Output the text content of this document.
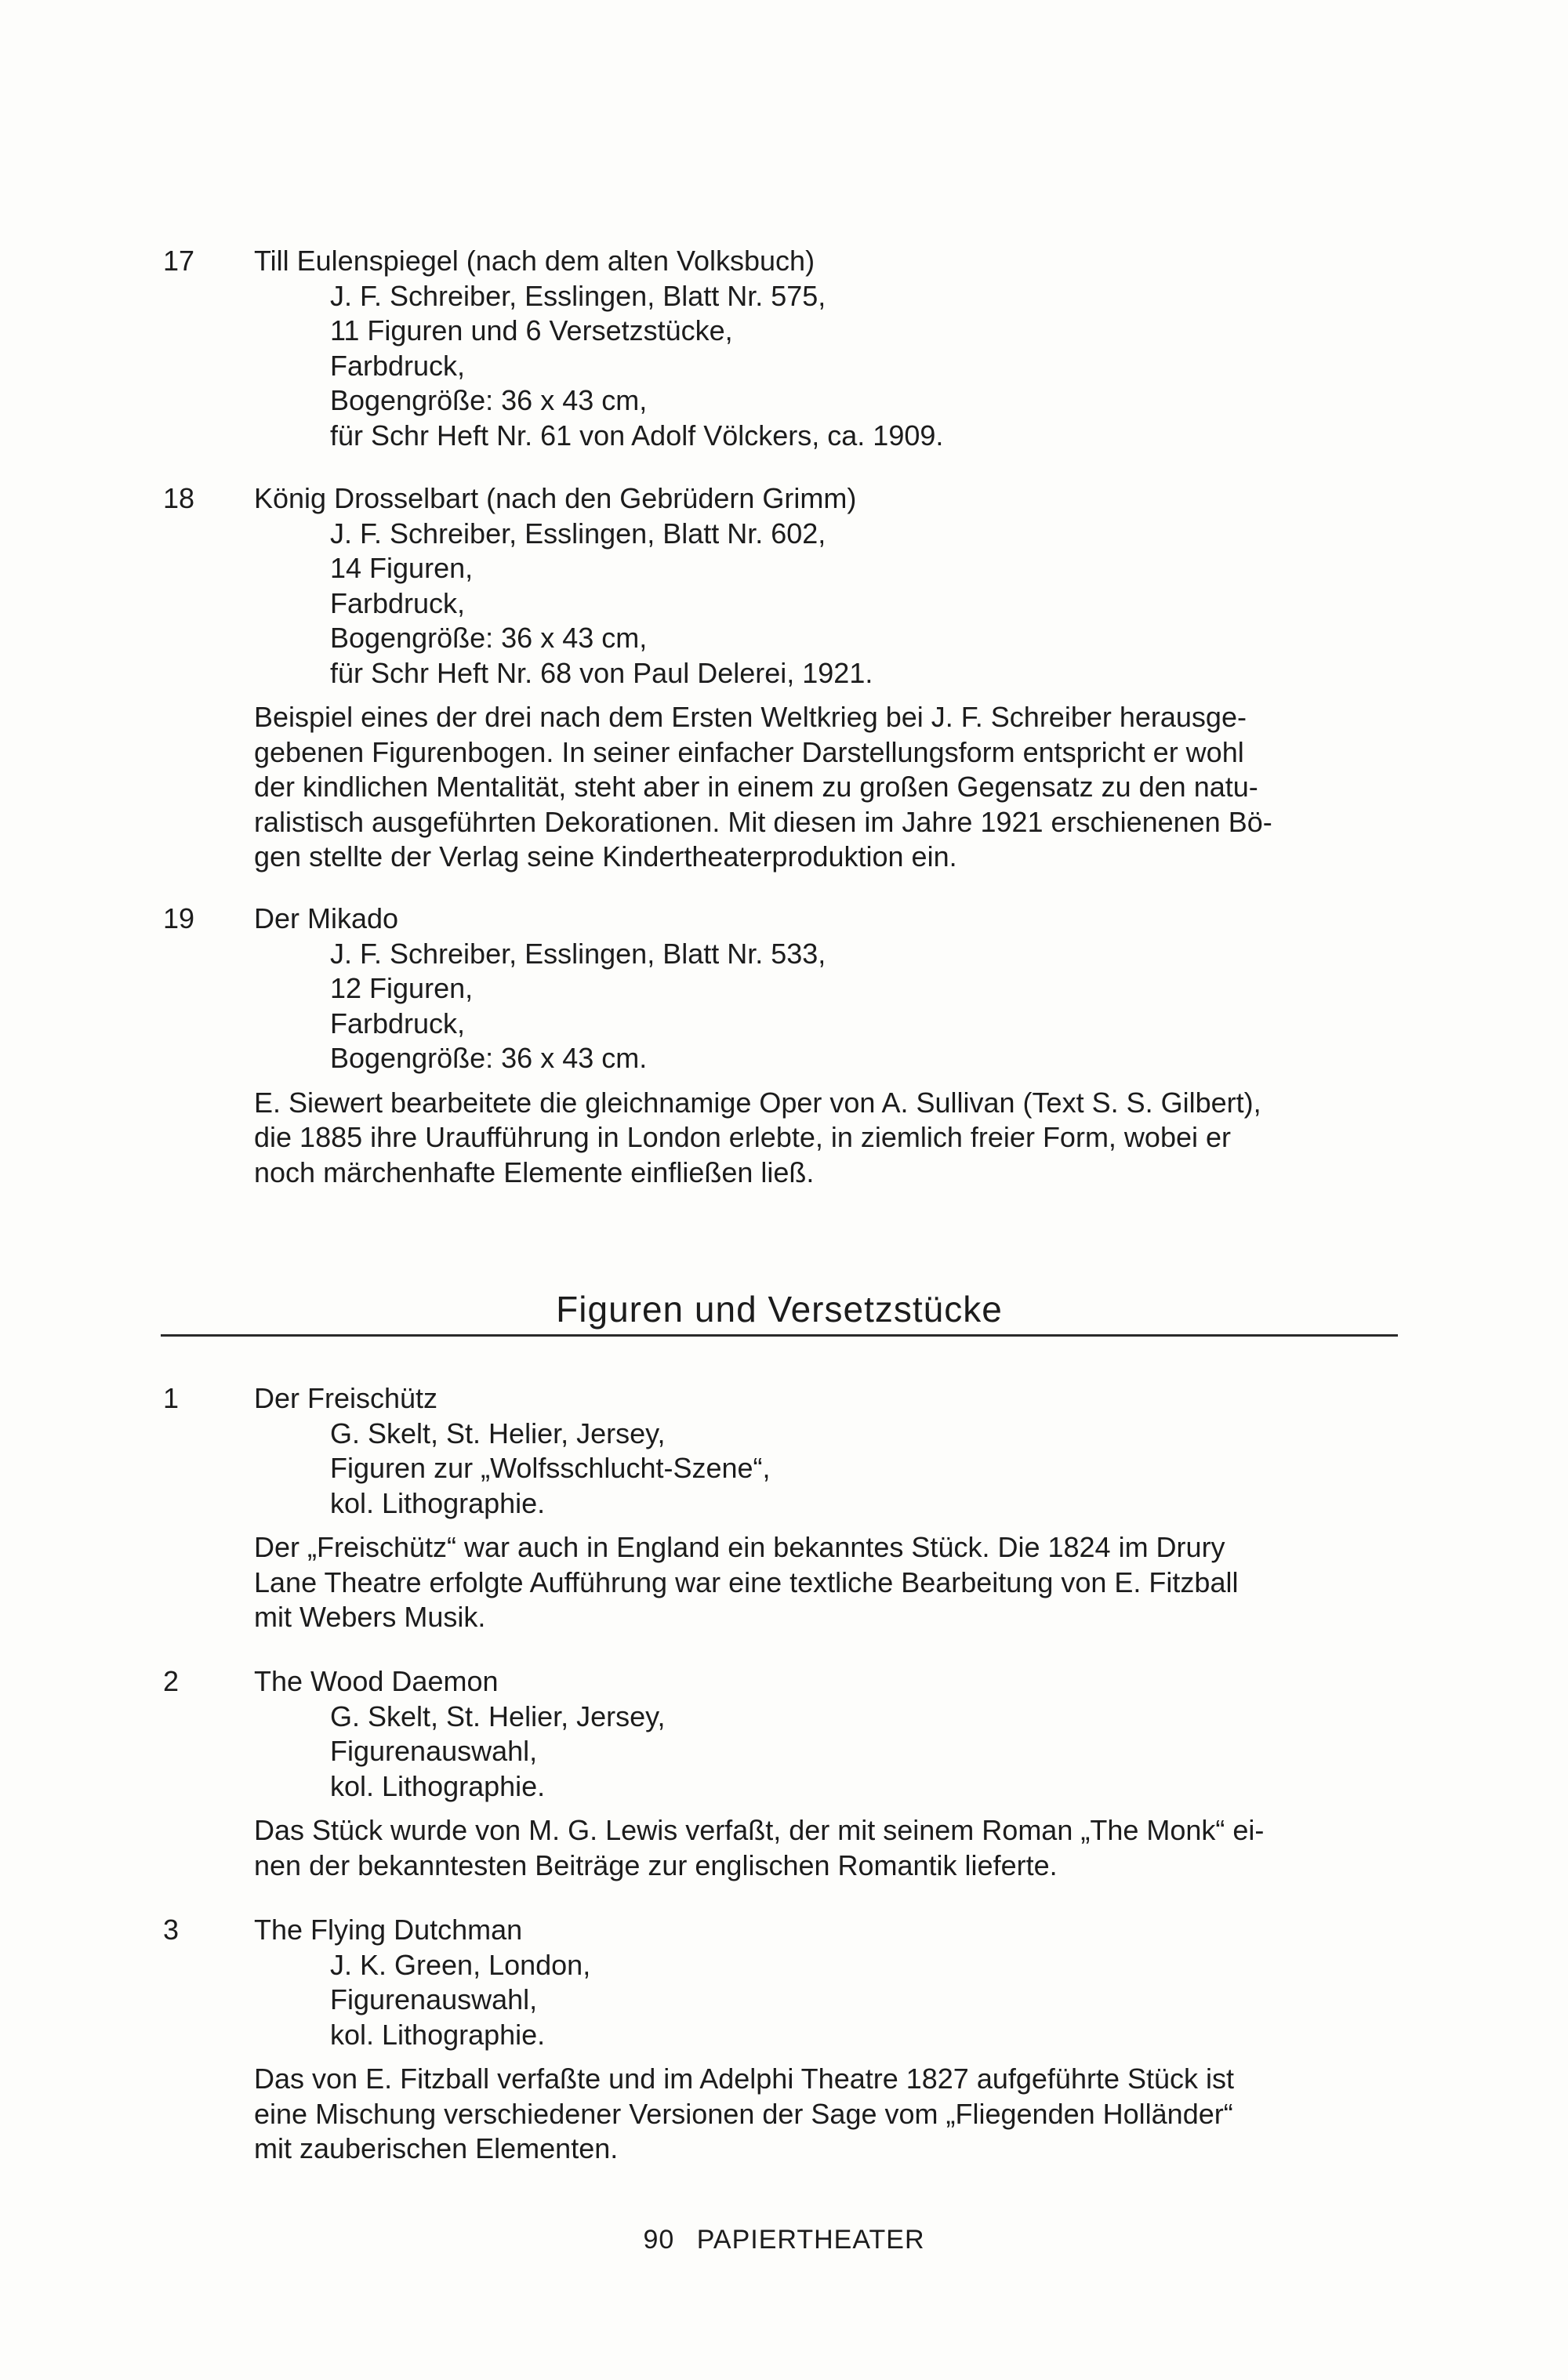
17	Till Eulenspiegel (nach dem alten Volksbuch)
J. F. Schreiber, Esslingen, Blatt Nr. 575,
11 Figuren und 6 Versetzstücke,
Farbdruck,
Bogengröße: 36 x 43 cm,
für Schr Heft Nr. 61 von Adolf Völckers, ca. 1909.
18	König Drosselbart (nach den Gebrüdern Grimm)
J. F. Schreiber, Esslingen, Blatt Nr. 602,
14 Figuren,
Farbdruck,
Bogengröße: 36 x 43 cm,
für Schr Heft Nr. 68 von Paul Delerei, 1921.
Beispiel eines der drei nach dem Ersten Weltkrieg bei J. F. Schreiber herausge-
gebenen Figurenbogen. In seiner einfacher Darstellungsform entspricht er wohl
der kindlichen Mentalität, steht aber in einem zu großen Gegensatz zu den natu-
ralistisch ausgeführten Dekorationen. Mit diesen im Jahre 1921 erschienenen Bö-
gen stellte der Verlag seine Kindertheaterproduktion ein.
19	Der Mikado
J. F. Schreiber, Esslingen, Blatt Nr. 533,
12 Figuren,
Farbdruck,
Bogengröße: 36 x 43 cm.
E. Siewert bearbeitete die gleichnamige Oper von A. Sullivan (Text S. S. Gilbert),
die 1885 ihre Uraufführung in London erlebte, in ziemlich freier Form, wobei er
noch märchenhafte Elemente einfließen ließ.
Figuren und Versetzstücke
1	Der Freischütz
G. Skelt, St. Helier, Jersey,
Figuren zur „Wolfsschlucht-Szene“,
kol. Lithographie.
Der „Freischütz“ war auch in England ein bekanntes Stück. Die 1824 im Drury
Lane Theatre erfolgte Aufführung war eine textliche Bearbeitung von E. Fitzball
mit Webers Musik.
2	The Wood Daemon
G. Skelt, St. Helier, Jersey,
Figurenauswahl,
kol. Lithographie.
Das Stück wurde von M. G. Lewis verfaßt, der mit seinem Roman „The Monk“ ei-
nen der bekanntesten Beiträge zur englischen Romantik lieferte.
3	The Flying Dutchman
J. K. Green, London,
Figurenauswahl,
kol. Lithographie.
Das von E. Fitzball verfaßte und im Adelphi Theatre 1827 aufgeführte Stück ist
eine Mischung verschiedener Versionen der Sage vom „Fliegenden Holländer“
mit zauberischen Elementen.
90 PAPIERTHEATER
